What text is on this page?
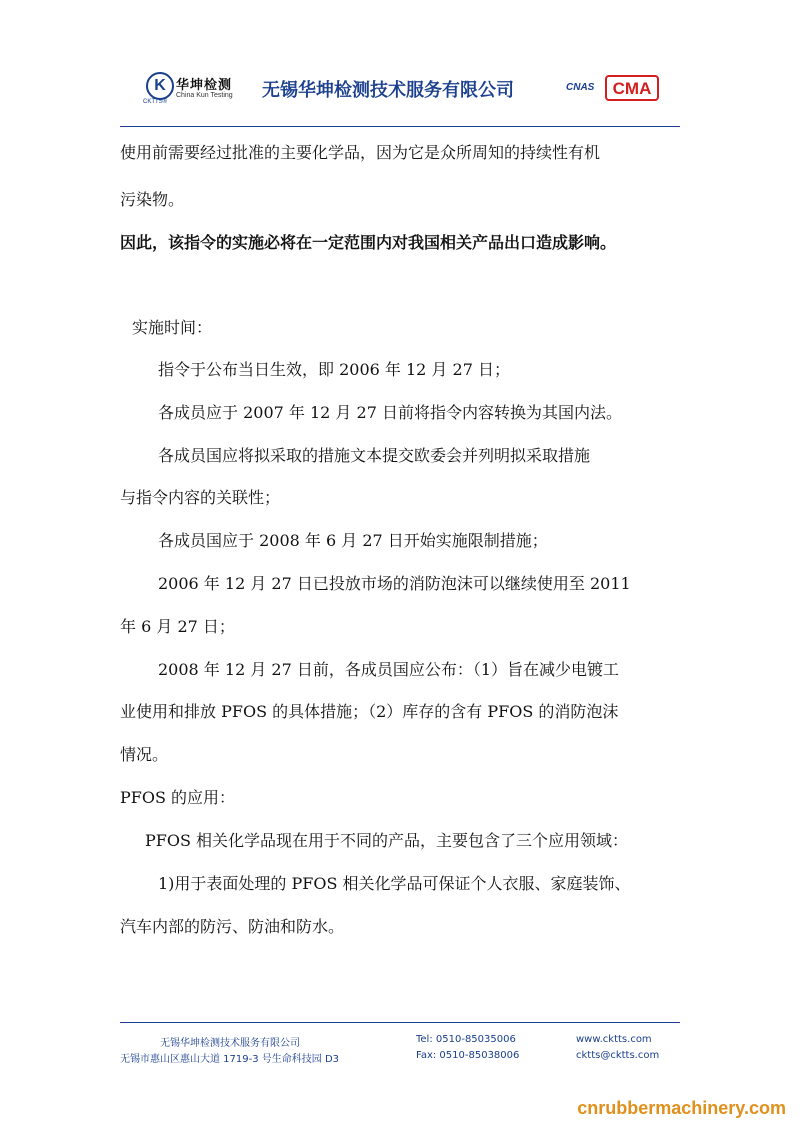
K 华坤检测
China Kun Testing
CKTTS®
无锡华坤检测技术服务有限公司	CNAS CMA
使用前需要经过批准的主要化学品，因为它是众所周知的持续性有机
污染物。
因此，该指令的实施必将在一定范围内对我国相关产品出口造成影响。
实施时间：
指令于公布当日生效，即 2006 年 12 月 27 日；
各成员应于 2007 年 12 月 27 日前将指令内容转换为其国内法。
各成员国应将拟采取的措施文本提交欧委会并列明拟采取措施
与指令内容的关联性；
各成员国应于 2008 年 6 月 27 日开始实施限制措施；
2006 年 12 月 27 日已投放市场的消防泡沫可以继续使用至 2011
年 6 月 27 日；
2008 年 12 月 27 日前，各成员国应公布：（1）旨在减少电镀工
业使用和排放 PFOS 的具体措施；（2）库存的含有 PFOS 的消防泡沫
情况。
PFOS 的应用：
PFOS 相关化学品现在用于不同的产品，主要包含了三个应用领域：
1)用于表面处理的 PFOS 相关化学品可保证个人衣服、家庭装饰、
汽车内部的防污、防油和防水。
无锡华坤检测技术服务有限公司
无锡市惠山区惠山大道 1719-3 号生命科技园 D3
Tel: 0510-85035006
Fax: 0510-85038006
www.cktts.com
cktts@cktts.com
cnrubbermachinery.com
